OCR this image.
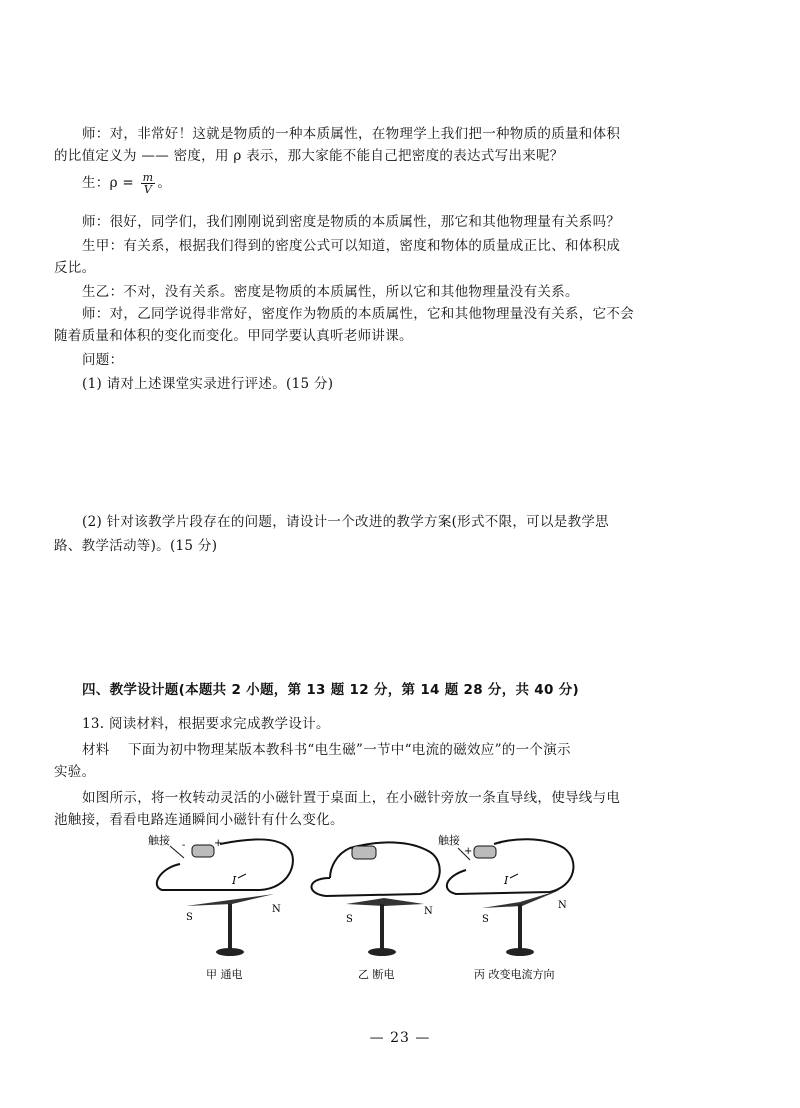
师：对，非常好！这就是物质的一种本质属性，在物理学上我们把一种物质的质量和体积
的比值定义为 —— 密度，用 ρ 表示，那大家能不能自己把密度的表达式写出来呢？
生：$\rho = \frac{m}{V}$ 。
师：很好，同学们，我们刚刚说到密度是物质的本质属性，那它和其他物理量有关系吗？
生甲：有关系，根据我们得到的密度公式可以知道，密度和物体的质量成正比、和体积成
反比。
生乙：不对，没有关系。密度是物质的本质属性，所以它和其他物理量没有关系。
师：对，乙同学说得非常好，密度作为物质的本质属性，它和其他物理量没有关系，它不会
随着质量和体积的变化而变化。甲同学要认真听老师讲课。
问题：
(1) 请对上述课堂实录进行评述。(15 分)
(2) 针对该教学片段存在的问题，请设计一个改进的教学方案(形式不限，可以是教学思
路、教学活动等)。(15 分)
四、教学设计题(本题共 2 小题，第 13 题 12 分，第 14 题 28 分，共 40 分)
13. 阅读材料，根据要求完成教学设计。
材料　 下面为初中物理某版本教科书“电生磁”一节中“电流的磁效应”的一个演示
实验。
如图所示，将一枚转动灵活的小磁针置于桌面上，在小磁针旁放一条直导线，使导线与电
池触接，看看电路连通瞬间小磁针有什么变化。
触接 -	+
I
S
N
甲 通电
S
N
乙 断电
触接
+
-
I
S
N
丙 改变电流方向
— 23 —
